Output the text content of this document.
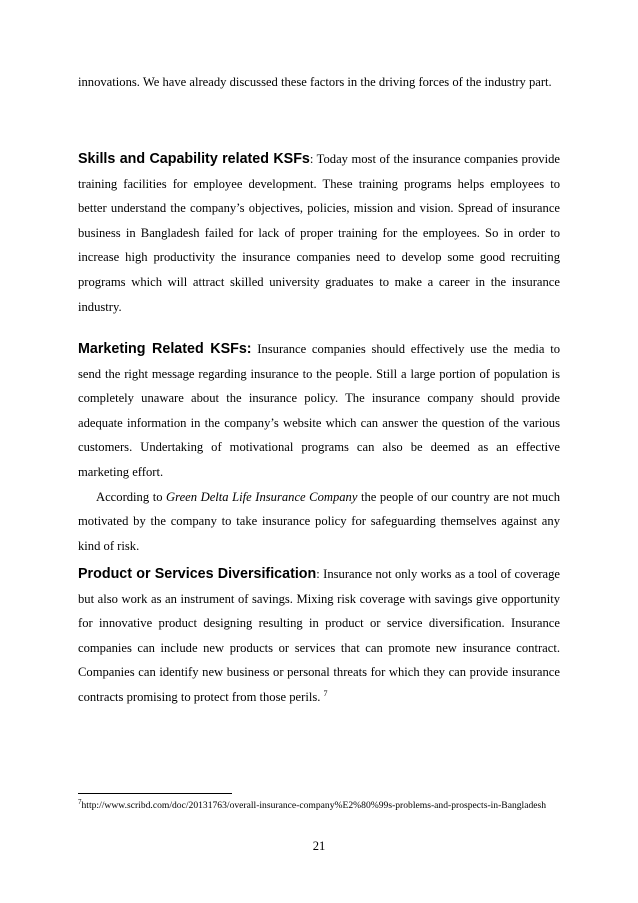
innovations. We have already discussed these factors in the driving forces of the industry part.
Skills and Capability related KSFs: Today most of the insurance companies provide training facilities for employee development. These training programs helps employees to better understand the company’s objectives, policies, mission and vision. Spread of insurance business in Bangladesh failed for lack of proper training for the employees. So in order to increase high productivity the insurance companies need to develop some good recruiting programs which will attract skilled university graduates to make a career in the insurance industry.
Marketing Related KSFs: Insurance companies should effectively use the media to send the right message regarding insurance to the people. Still a large portion of population is completely unaware about the insurance policy. The insurance company should provide adequate information in the company’s website which can answer the question of the various customers. Undertaking of motivational programs can also be deemed as an effective marketing effort.
According to Green Delta Life Insurance Company the people of our country are not much motivated by the company to take insurance policy for safeguarding themselves against any kind of risk.
Product or Services Diversification: Insurance not only works as a tool of coverage but also work as an instrument of savings. Mixing risk coverage with savings give opportunity for innovative product designing resulting in product or service diversification. Insurance companies can include new products or services that can promote new insurance contract. Companies can identify new business or personal threats for which they can provide insurance contracts promising to protect from those perils. $^7$
$^7$http://www.scribd.com/doc/20131763/overall-insurance-company%E2%80%99s-problems-and-prospects-in-Bangladesh
21
